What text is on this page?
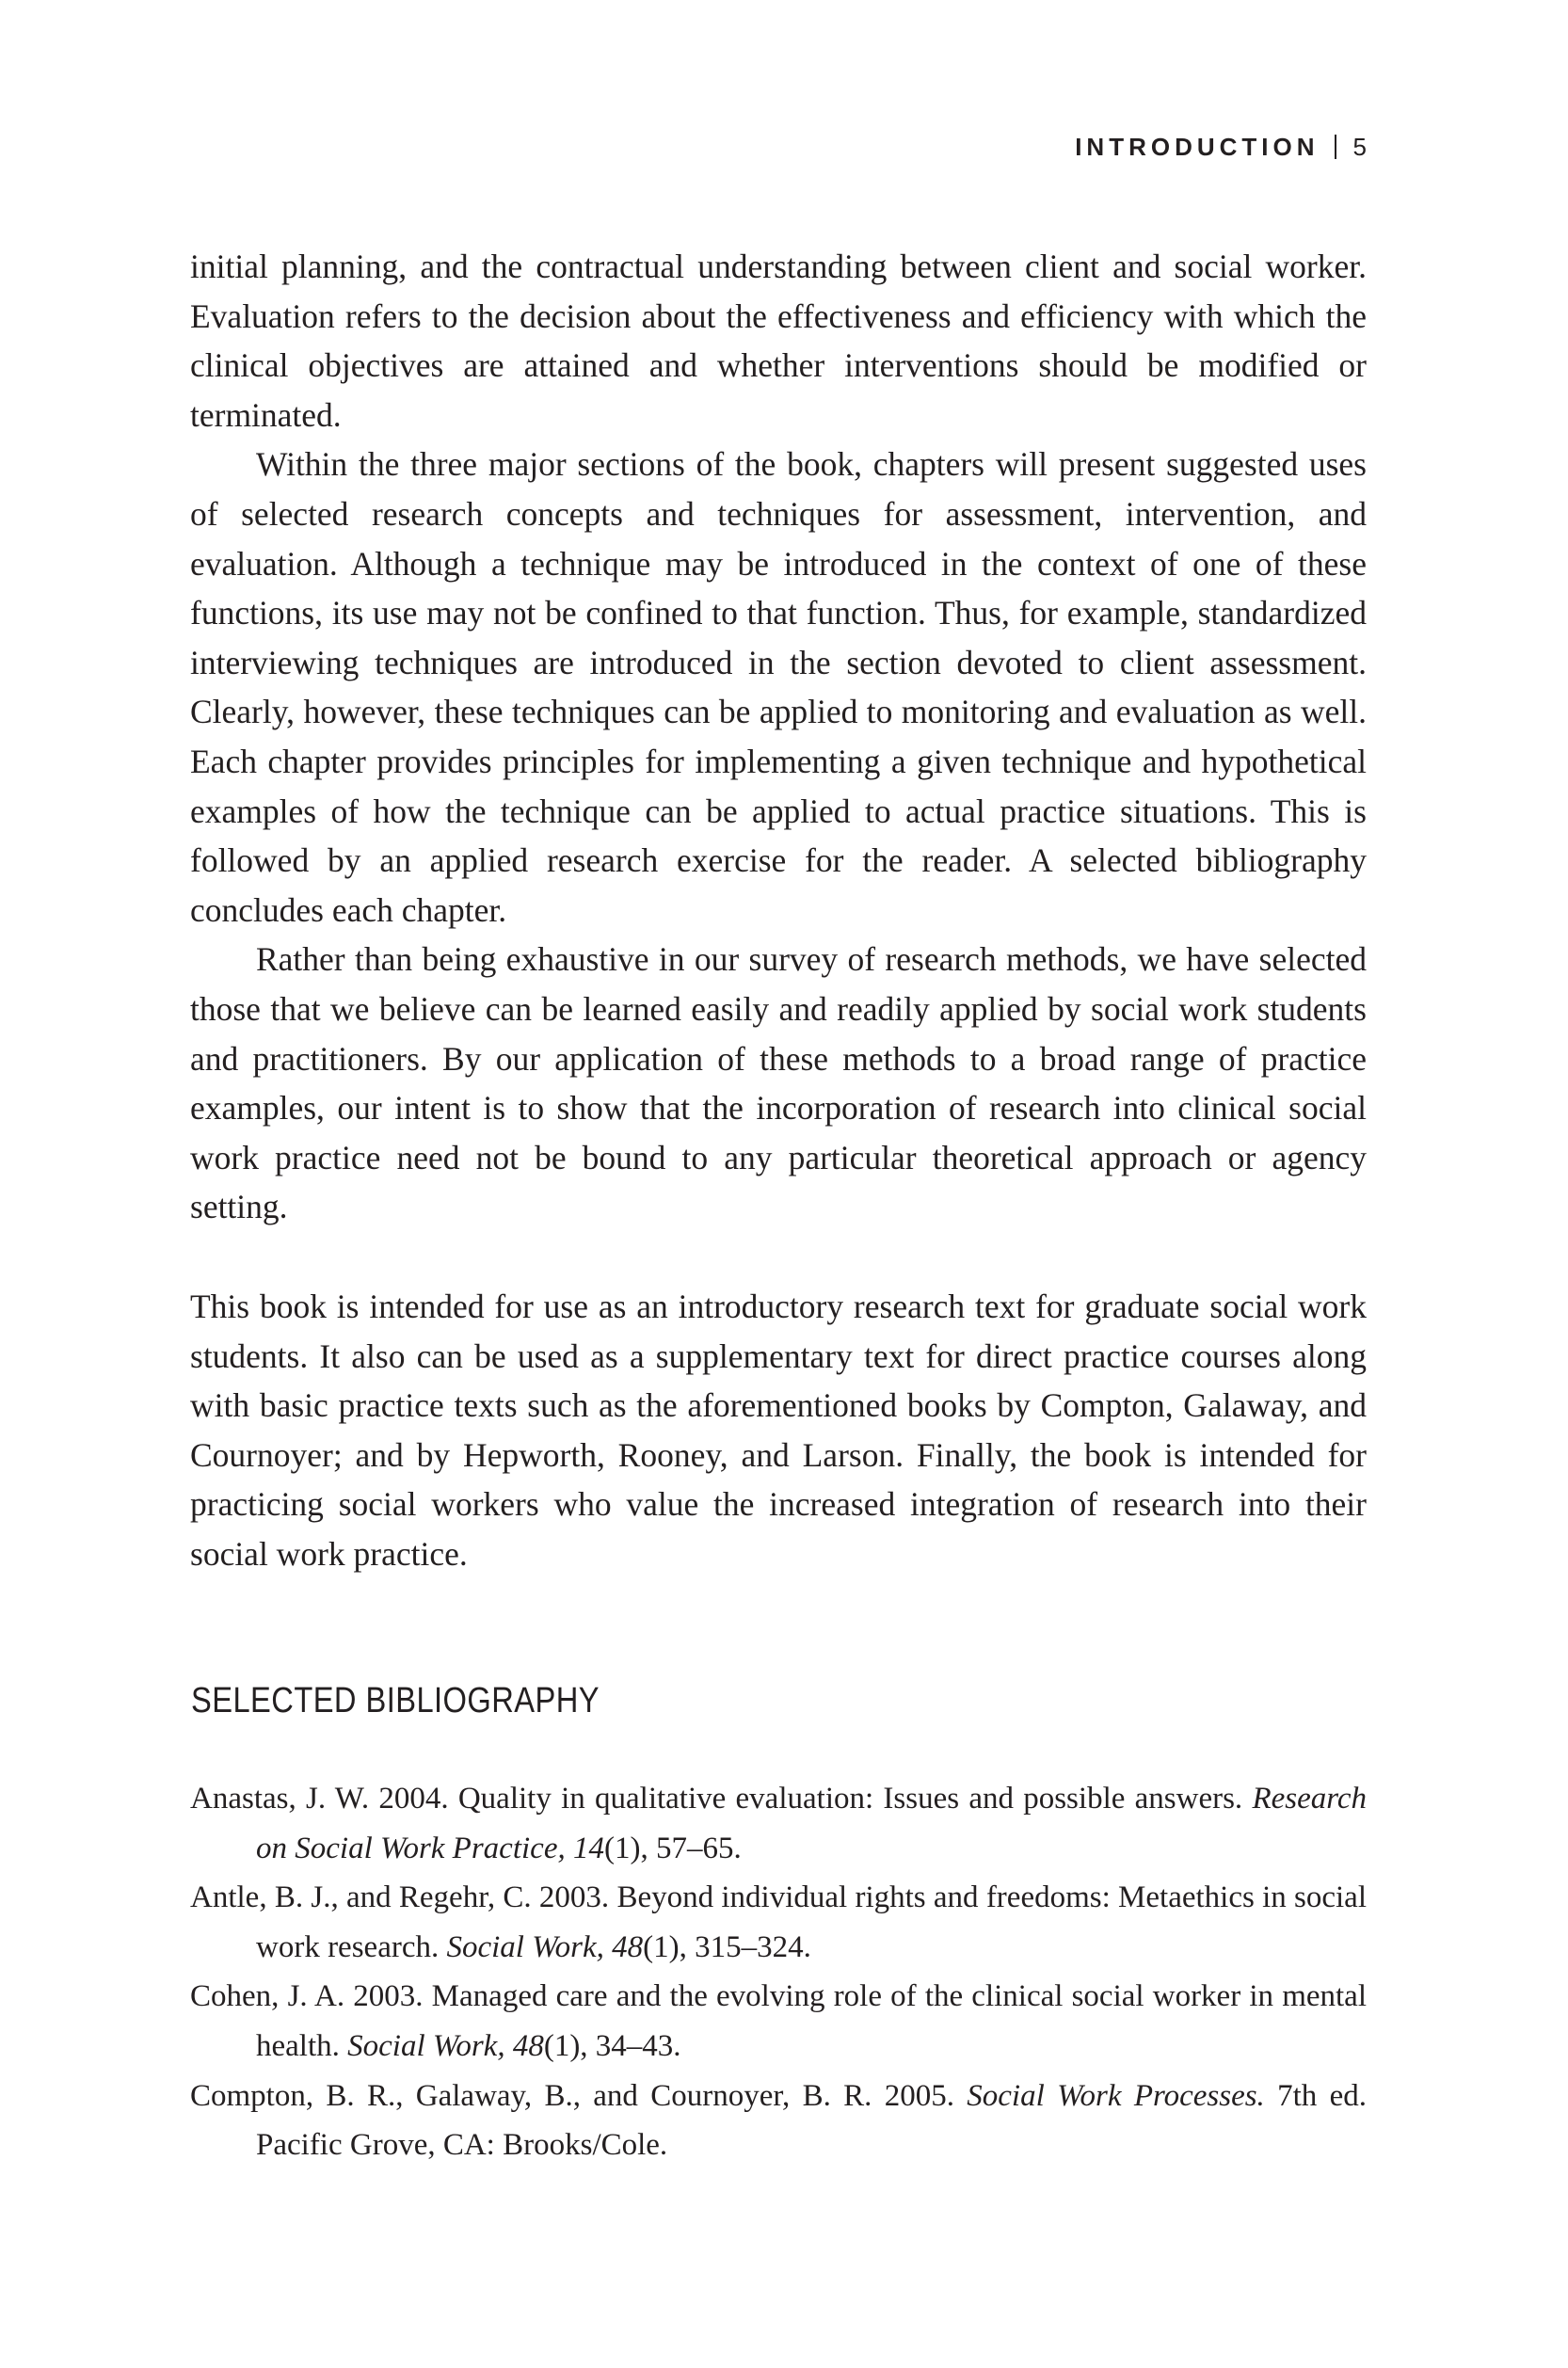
INTRODUCTION 5

initial planning, and the contractual understanding between client and social worker. Evaluation refers to the decision about the effectiveness and efficiency with which the clinical objectives are attained and whether interventions should be modified or terminated.

Within the three major sections of the book, chapters will present suggested uses of selected research concepts and techniques for assessment, intervention, and evaluation. Although a technique may be introduced in the context of one of these functions, its use may not be confined to that function. Thus, for example, standardized interviewing techniques are introduced in the section devoted to client assessment. Clearly, however, these techniques can be applied to monitoring and evaluation as well. Each chapter provides principles for implementing a given technique and hypothetical examples of how the technique can be applied to actual practice situations. This is followed by an applied research exercise for the reader. A selected bibliography concludes each chapter.

Rather than being exhaustive in our survey of research methods, we have selected those that we believe can be learned easily and readily applied by social work students and practitioners. By our application of these methods to a broad range of practice examples, our intent is to show that the incorporation of research into clinical social work practice need not be bound to any particular theoretical approach or agency setting.

This book is intended for use as an introductory research text for graduate social work students. It also can be used as a supplementary text for direct practice courses along with basic practice texts such as the aforementioned books by Compton, Galaway, and Cournoyer; and by Hepworth, Rooney, and Larson. Finally, the book is intended for practicing social workers who value the increased integration of research into their social work practice.

SELECTED BIBLIOGRAPHY
Anastas, J. W. 2004. Quality in qualitative evaluation: Issues and possible answers. Research on Social Work Practice, 14(1), 57–65.
Antle, B. J., and Regehr, C. 2003. Beyond individual rights and freedoms: Metaethics in social work research. Social Work, 48(1), 315–324.
Cohen, J. A. 2003. Managed care and the evolving role of the clinical social worker in mental health. Social Work, 48(1), 34–43.
Compton, B. R., Galaway, B., and Cournoyer, B. R. 2005. Social Work Processes. 7th ed. Pacific Grove, CA: Brooks/Cole.
